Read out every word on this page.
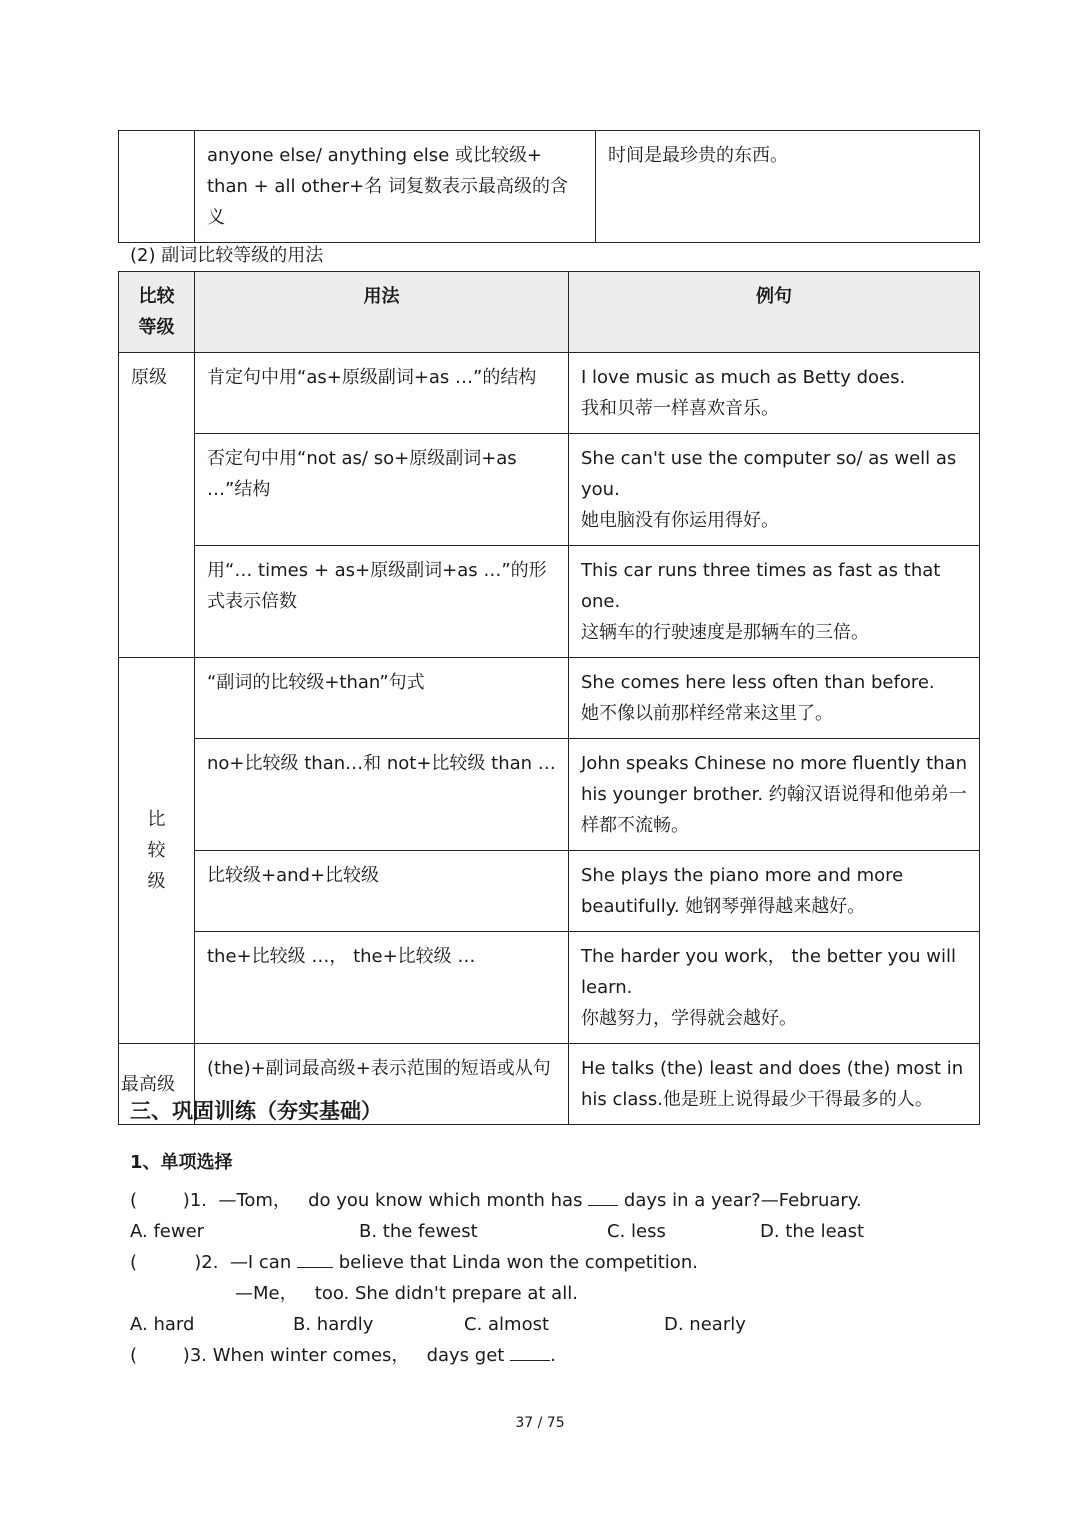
	anyone else/ anything else 或比较级+ than + all other+名 词复数表示最高级的含义	时间是最珍贵的东西。
(2) 副词比较等级的用法
比较等级	用法	例句
原级	肯定句中用“as+原级副词+as …”的结构	I love music as much as Betty does.
我和贝蒂一样喜欢音乐。

	否定句中用“not as/ so+原级副词+as …”结构	She can't use the computer so/ as well as you.
她电脑没有你运用得好。

	用“… times + as+原级副词+as …”的形式表示倍数	This car runs three times as fast as that one.
这辆车的行驶速度是那辆车的三倍。

比较级	“副词的比较级+than”句式	She comes here less often than before.
她不像以前那样经常来这里了。

	no+比较级 than…和 not+比较级 than …	John speaks Chinese no more fluently than his younger brother. 约翰汉语说得和他弟弟一样都不流畅。
	比较级+and+比较级	She plays the piano more and more beautifully. 她钢琴弹得越来越好。
	the+比较级 …， the+比较级 …	The harder you work， the better you will learn.
你越努力，学得就会越好。

最高级	(the)+副词最高级+表示范围的短语或从句	He talks (the) least and does (the) most in his class.他是班上说得最少干得最多的人。
三、巩固训练（夯实基础）
1、单项选择
(        )1.  —Tom，   do you know which month has  days in a year?—February.
A. fewer	B. the fewest	C. less	D. the least
(          )2.  —I can  believe that Linda won the competition.
—Me，   too. She didn't prepare at all.
A. hard	B. hardly	C. almost	D. nearly
(        )3. When winter comes，   days get .
37 / 75
